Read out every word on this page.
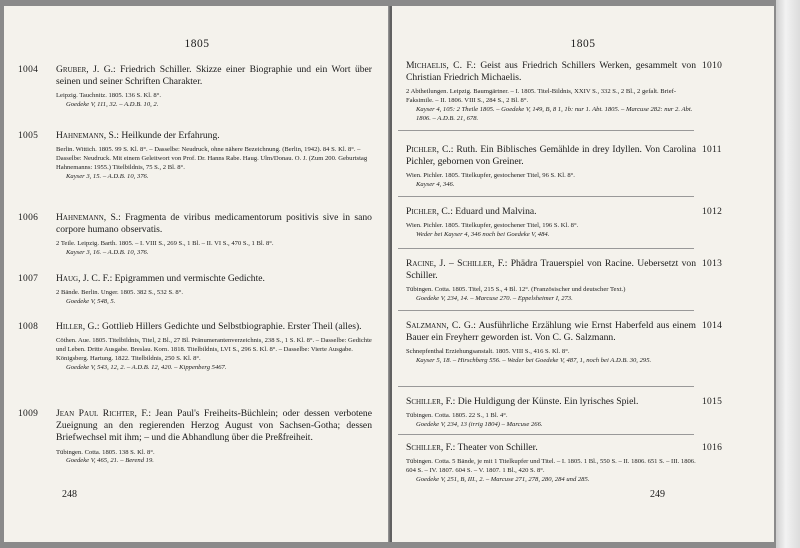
1805
1004 Gruber, J. G.: Friedrich Schiller. Skizze einer Biographie und ein Wort über seinen und seiner Schriften Charakter.
Leipzig. Tauchnitz. 1805. 136 S. Kl. 8°.
Goedeke V, 111, 32. – A.D.B. 10, 2.
1005 Hahnemann, S.: Heilkunde der Erfahrung.
Berlin. Wittich. 1805. 99 S. Kl. 8°. – Dasselbe: Neudruck, ohne nähere Bezeichnung. (Berlin, 1942). 84 S. Kl. 8°. – Dasselbe: Neudruck. Mit einem Geleitwort von Prof. Dr. Hanns Rabe. Haug. Ulm/Donau. O. J. (Zum 200. Geburtstag Hahnemanns: 1955.) Titelbildnis, 75 S., 2 Bl. 8°.
Kayser 3, 15. – A.D.B. 10, 376.
1006 Hahnemann, S.: Fragmenta de viribus medicamentorum positivis sive in sano corpore humano observatis.
2 Teile. Leipzig. Barth. 1805. – I. VIII S., 269 S., 1 Bl. – II. VI S., 470 S., 1 Bl. 8°.
Kayser 3, 16. – A.D.B. 10, 376.
1007 Haug, J. C. F.: Epigrammen und vermischte Gedichte.
2 Bände. Berlin. Unger. 1805. 382 S., 532 S. 8°.
Goedeke V, 548, 5.
1008 Hiller, G.: Gottlieb Hillers Gedichte und Selbstbiographie. Erster Theil (alles).
Cöthen. Aue. 1805. Titelbildnis, Titel, 2 Bl., 27 Bl. Pränumerantenverzeichnis, 238 S., 1 S. Kl. 8°. – Dasselbe: Gedichte und Leben. Dritte Ausgabe. Breslau. Korn. 1818. Titelbildnis, LVI S., 296 S. Kl. 8°. – Dasselbe: Vierte Ausgabe. Königsberg. Hartung. 1822. Titelbildnis, 250 S. Kl. 8°.
Goedeke V, 543, 12, 2. – A.D.B. 12, 420. – Kippenberg 5467.
1009 Jean Paul Richter, F.: Jean Paul's Freiheits-Büchlein; oder dessen verbotene Zueignung an den regierenden Herzog August von Sachsen-Gotha; dessen Briefwechsel mit ihm; – und die Abhandlung über die Preßfreiheit.
Tübingen. Cotta. 1805. 138 S. Kl. 8°.
Goedeke V, 465, 21. – Berend 19.
248
1805
1010
Michaelis, C. F.: Geist aus Friedrich Schillers Werken, gesammelt von Christian Friedrich Michaelis.
2 Abtheilungen. Leipzig. Baumgärtner. – I. 1805. Titel-Bildnis, XXIV S., 332 S., 2 Bl., 2 gefalt. Brief-Faksimile. – II. 1806. VIII S., 284 S., 2 Bl. 8°.
Kayser 4, 105: 2 Theile 1805. – Goedeke V, 149, B, 8 1, 1b: nur 1. Abt. 1805. – Marcuse 282: nur 2. Abt. 1806. – A.D.B. 21, 678.
1011
Pichler, C.: Ruth. Ein Biblisches Gemählde in drey Idyllen. Von Carolina Pichler, gebornen von Greiner.
Wien. Pichler. 1805. Titelkupfer, gestochener Titel, 96 S. Kl. 8°.
Kayser 4, 346.
1012
Pichler, C.: Eduard und Malvina.
Wien. Pichler. 1805. Titelkupfer, gestochener Titel, 196 S. Kl. 8°.
Weder bei Kayser 4, 346 noch bei Goedeke V, 484.
1013
Racine, J. – Schiller, F.: Phädra Trauerspiel von Racine. Uebersetzt von Schiller.
Tübingen. Cotta. 1805. Titel, 215 S., 4 Bl. 12°. (Französischer und deutscher Text.)
Goedeke V, 234, 14. – Marcuse 270. – Eppelsheimer I, 273.
1014
Salzmann, C. G.: Ausführliche Erzählung wie Ernst Haberfeld aus einem Bauer ein Freyherr geworden ist. Von C. G. Salzmann.
Schnepfenthal Erziehungsanstalt. 1805. VIII S., 416 S. Kl. 8°.
Kayser 5, 18. – Hirschberg 556. – Weder bei Goedeke V, 487, 1, noch bei A.D.B. 30, 295.
1015
Schiller, F.: Die Huldigung der Künste. Ein lyrisches Spiel.
Tübingen. Cotta. 1805. 22 S., 1 Bl. 4°.
Goedeke V, 234, 13 (irrig 1804) – Marcuse 266.
1016
Schiller, F.: Theater von Schiller.
Tübingen. Cotta. 5 Bände, je mit 1 Titelkupfer und Titel. – I. 1805. 1 Bl., 550 S. – II. 1806. 651 S. – III. 1806. 604 S. – IV. 1807. 604 S. – V. 1807. 1 Bl., 420 S. 8°.
Goedeke V, 251, B, III., 2. – Marcuse 271, 278, 280, 284 und 285.
249
